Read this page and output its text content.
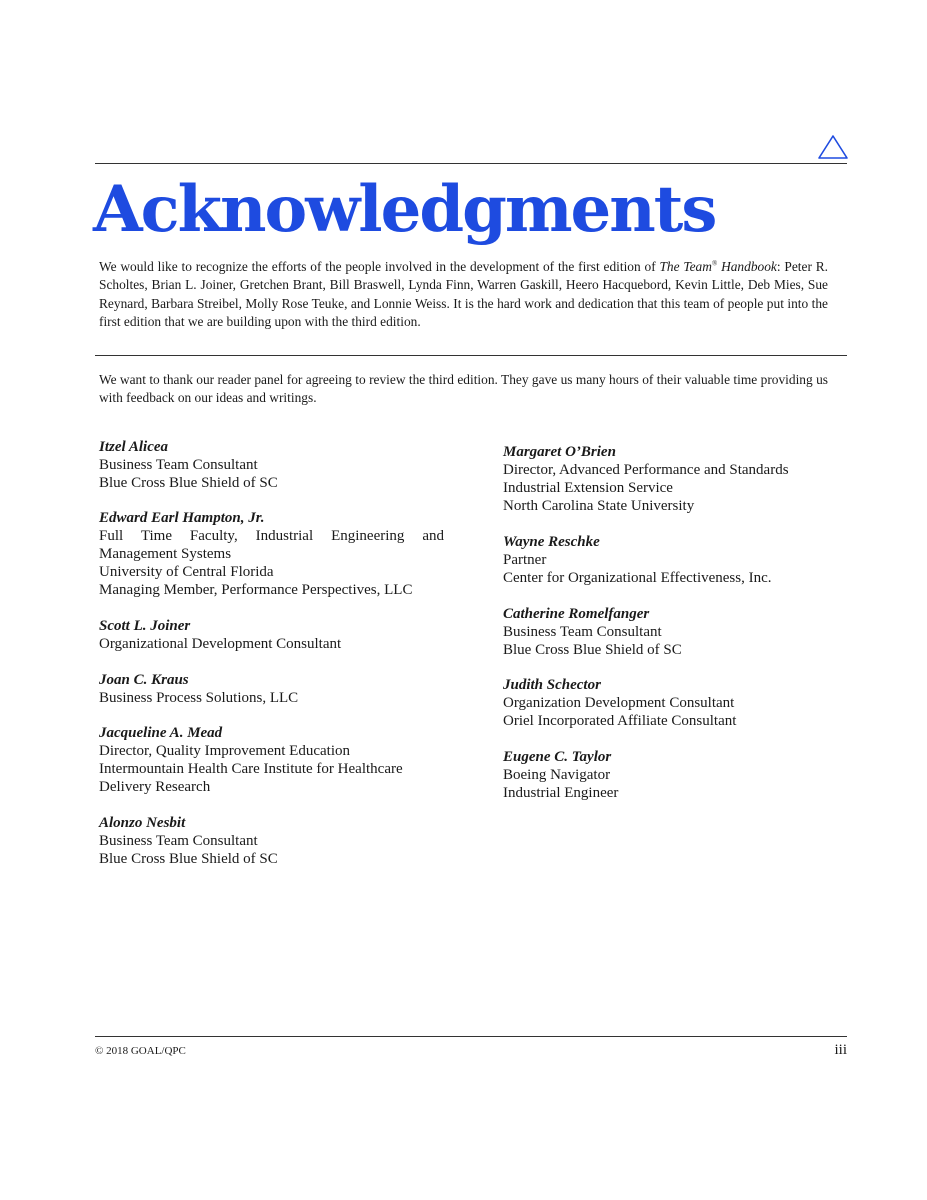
Acknowledgments

We would like to recognize the efforts of the people involved in the development of the first edition of The Team® Handbook: Peter R. Scholtes, Brian L. Joiner, Gretchen Brant, Bill Braswell, Lynda Finn, Warren Gaskill, Heero Hacquebord, Kevin Little, Deb Mies, Sue Reynard, Barbara Streibel, Molly Rose Teuke, and Lonnie Weiss. It is the hard work and dedication that this team of people put into the first edition that we are building upon with the third edition.

We want to thank our reader panel for agreeing to review the third edition. They gave us many hours of their valuable time providing us with feedback on our ideas and writings.

Itzel Alicea
Business Team Consultant
Blue Cross Blue Shield of SC
Edward Earl Hampton, Jr.
Full Time Faculty, Industrial Engineering and Management Systems
University of Central Florida
Managing Member, Performance Perspectives, LLC
Scott L. Joiner
Organizational Development Consultant
Joan C. Kraus
Business Process Solutions, LLC
Jacqueline A. Mead
Director, Quality Improvement Education
Intermountain Health Care Institute for Healthcare Delivery Research
Alonzo Nesbit
Business Team Consultant
Blue Cross Blue Shield of SC
Margaret O’Brien
Director, Advanced Performance and Standards
Industrial Extension Service
North Carolina State University
Wayne Reschke
Partner
Center for Organizational Effectiveness, Inc.
Catherine Romelfanger
Business Team Consultant
Blue Cross Blue Shield of SC
Judith Schector
Organization Development Consultant
Oriel Incorporated Affiliate Consultant
Eugene C. Taylor
Boeing Navigator
Industrial Engineer
© 2018 GOAL/QPC	iii
